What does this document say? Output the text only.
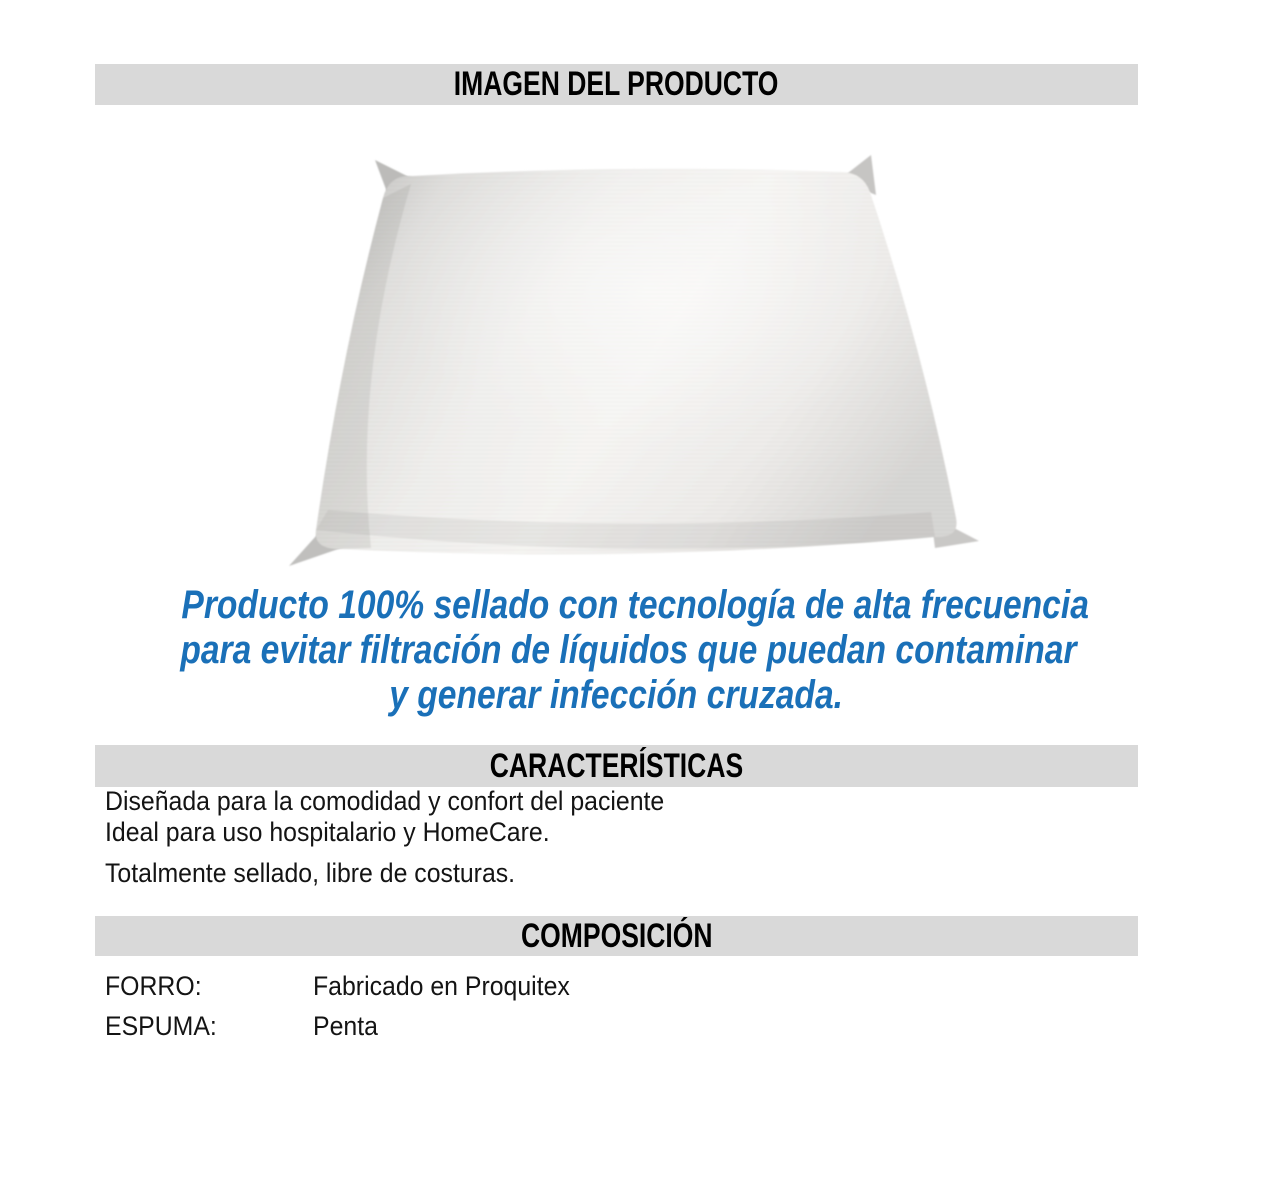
IMAGEN DEL PRODUCTO
Producto 100% sellado con tecnología de alta frecuencia
para evitar filtración de líquidos que puedan contaminar
y generar infección cruzada.
CARACTERÍSTICAS
Diseñada para la comodidad y confort del paciente
Ideal para uso hospitalario y HomeCare.
Totalmente sellado, libre de costuras.
COMPOSICIÓN
FORRO:	Fabricado en Proquitex
ESPUMA:	Penta
